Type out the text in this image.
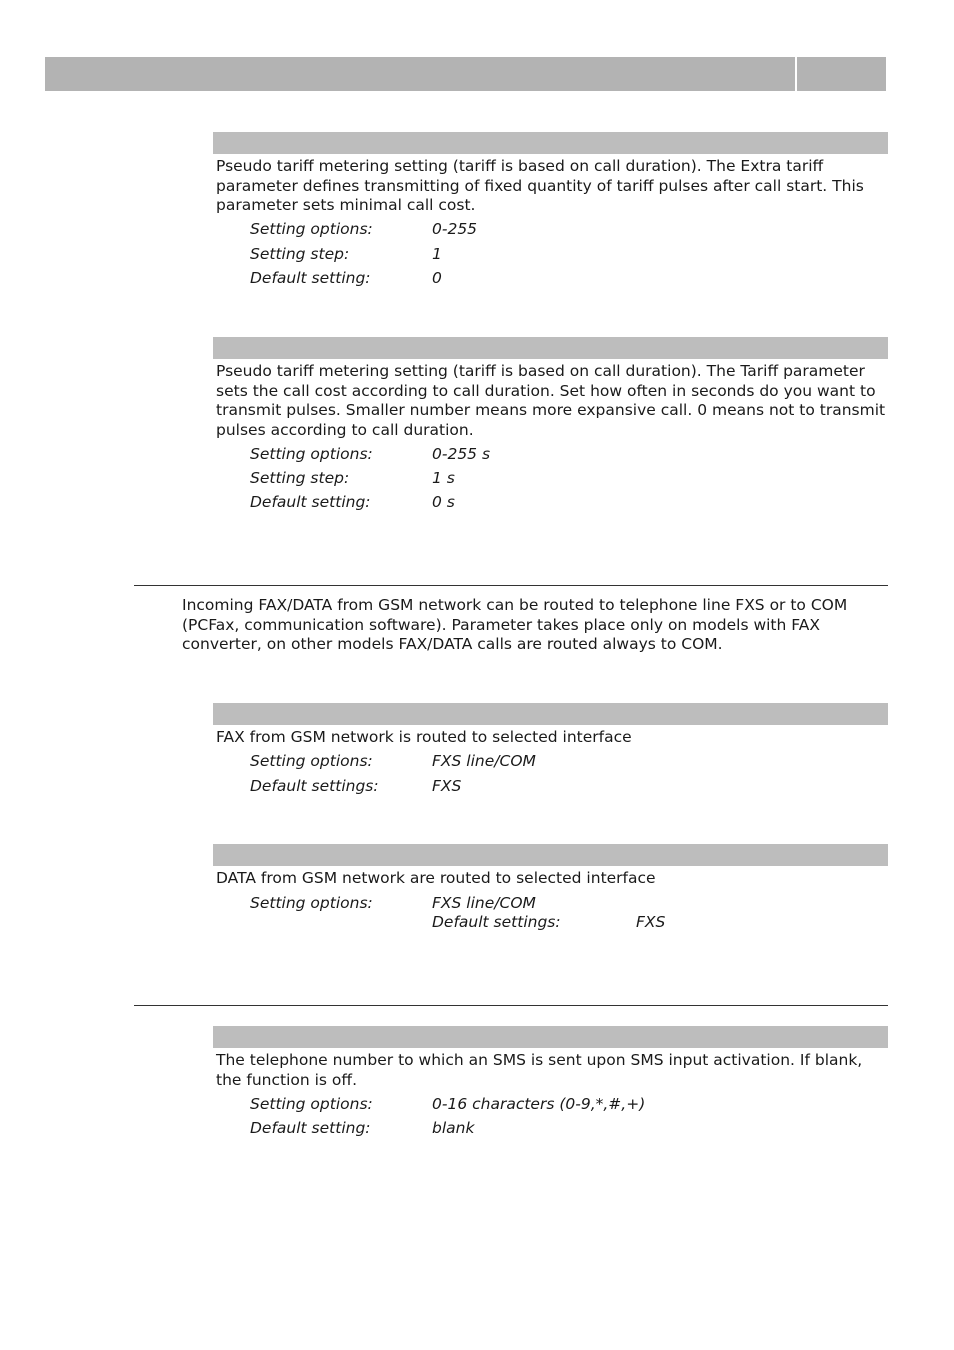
Pseudo tariff metering setting (tariff is based on call duration). The Extra tariff parameter defines transmitting of fixed quantity of tariff pulses after call start. This parameter sets minimal call cost.

Setting options:	0-255
Setting step:	1
Default setting:	0

Pseudo tariff metering setting (tariff is based on call duration). The Tariff parameter sets the call cost according to call duration. Set how often in seconds do you want to transmit pulses. Smaller number means more expansive call. 0 means not to transmit pulses according to call duration.

Setting options:	0-255 s
Setting step:	1 s
Default setting:	0 s

Incoming FAX/DATA from GSM network can be routed to telephone line FXS or to COM (PCFax, communication software). Parameter takes place only on models with FAX converter, on other models FAX/DATA calls are routed always to COM.

FAX from GSM network is routed to selected interface

Setting options:	FXS line/COM
Default settings:	FXS

DATA from GSM network are routed to selected interface

Setting options:	FXS line/COM
Default settings:	FXS

The telephone number to which an SMS is sent upon SMS input activation. If blank, the function is off.

Setting options:	0-16 characters (0-9,*,#,+)
Default setting:	blank
